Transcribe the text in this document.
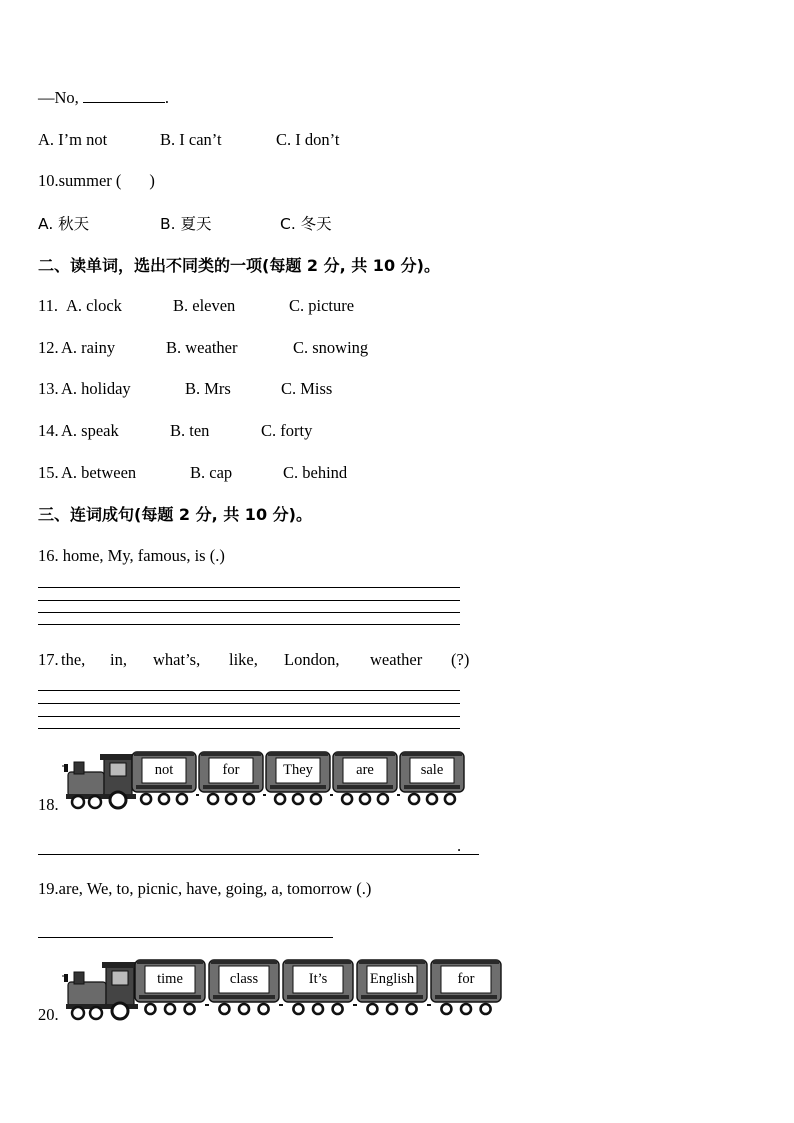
—No,	.
A. I’m not	B. I can’t	C. I don’t
10.summer ( )
A. 秋天	B. 夏天	C. 冬天
二、读单词，选出不同类的一项(每题 2 分, 共 10 分)。
11. A. clock	B. eleven	C. picture
12. A. rainy	B. weather	C. snowing
13. A. holiday	B. Mrs	C. Miss
14. A. speak	B. ten	C. forty
15. A. between	B. cap	C. behind
三、连词成句(每题 2 分, 共 10 分)。
16. home, My, famous, is (.)
17. the, in, what’s, like, London, weather (?)
18.
not	for	They	are	sale
.
19.are, We, to, picnic, have, going, a, tomorrow (.)
20.
time	class	It’s	English	for
